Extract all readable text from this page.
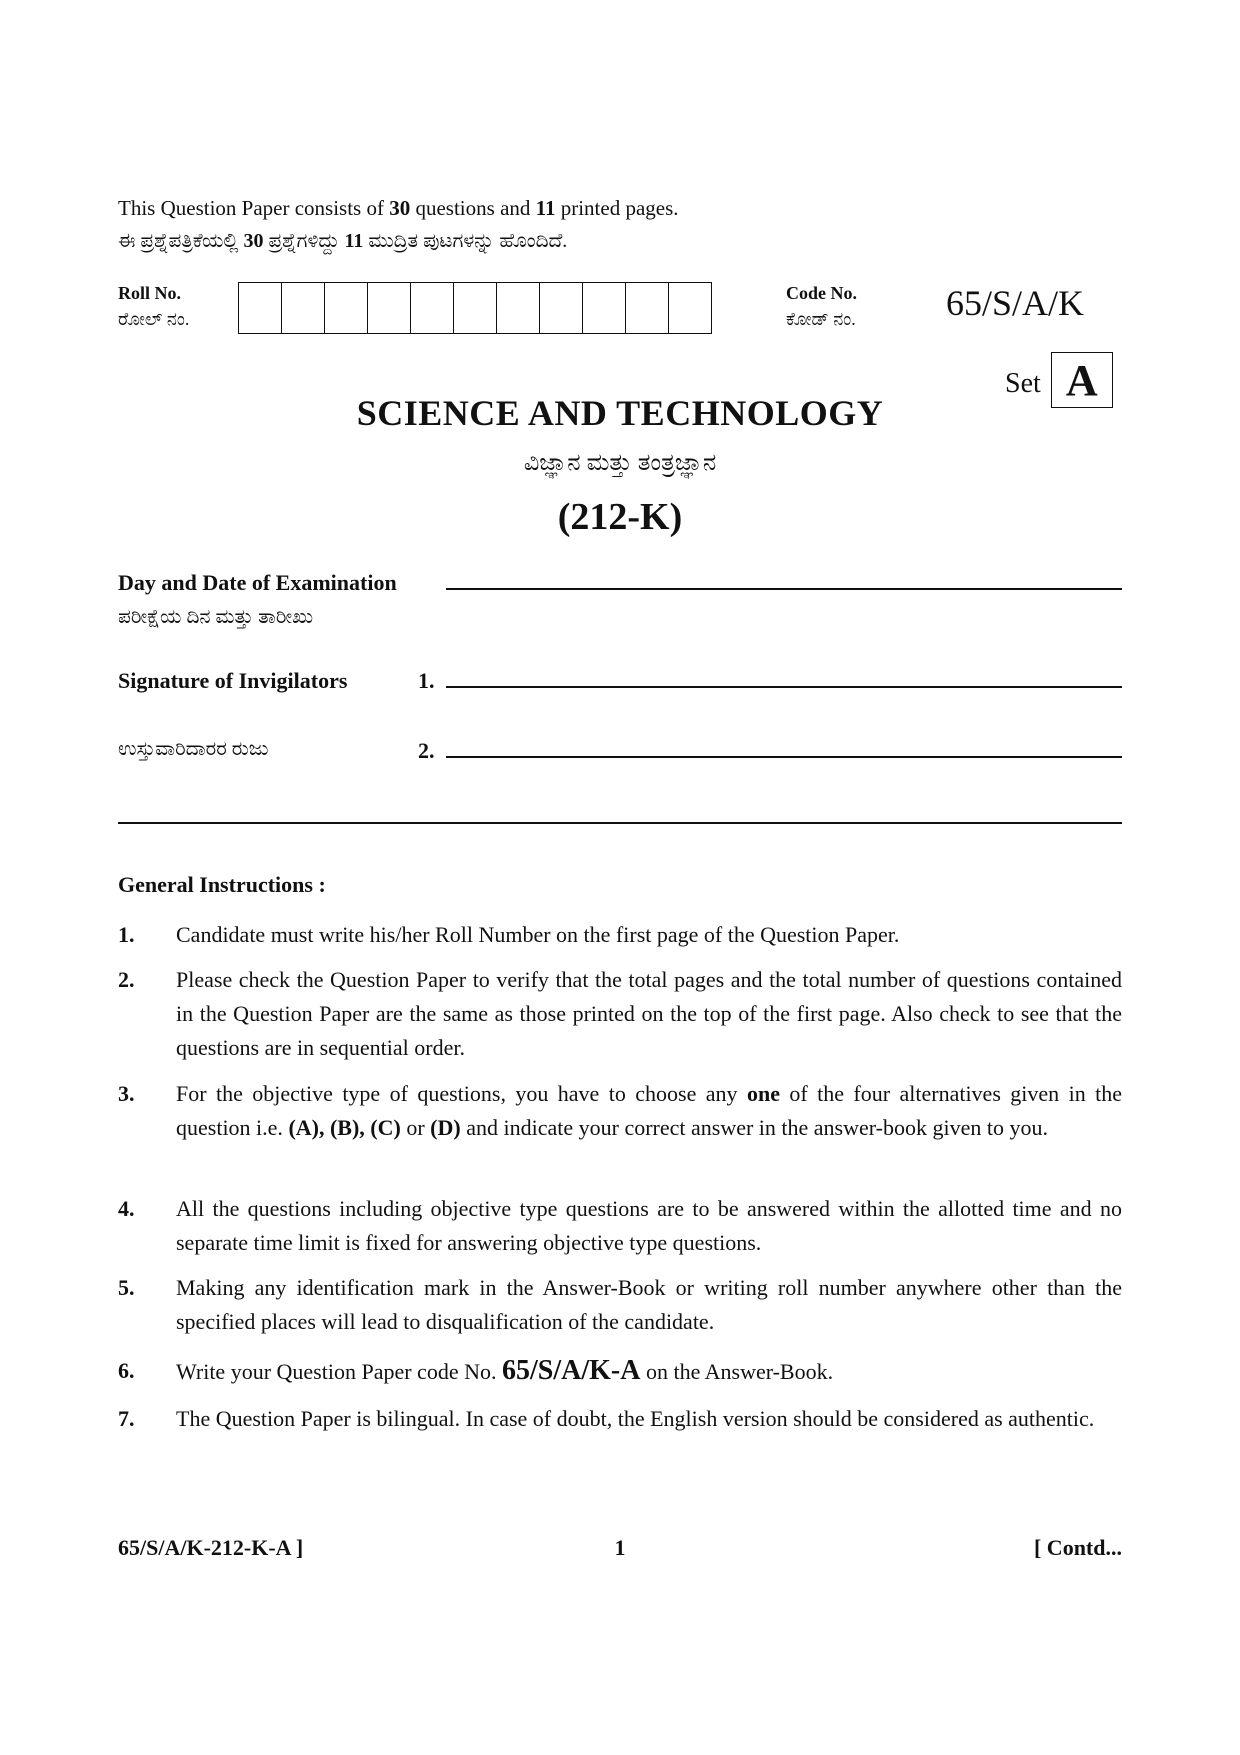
This Question Paper consists of 30 questions and 11 printed pages.
ಈ ಪ್ರಶ್ನೆಪತ್ರಿಕೆಯಲ್ಲಿ 30 ಪ್ರಶ್ನೆಗಳಿದ್ದು 11 ಮುದ್ರಿತ ಪುಟಗಳನ್ನು ಹೊಂದಿದೆ.
Roll No.
ರೋಲ್ ನಂ.
Code No.
ಕೋಡ್ ನಂ.	65/S/A/K
Set A
SCIENCE AND TECHNOLOGY
ವಿಜ್ಞಾನ ಮತ್ತು ತಂತ್ರಜ್ಞಾನ
(212-K)
Day and Date of Examination
ಪರೀಕ್ಷೆಯ ದಿನ ಮತ್ತು ತಾರೀಖು
Signature of Invigilators	1.
ಉಸ್ತುವಾರಿದಾರರ ರುಜು	2.
General Instructions :
1.	Candidate must write his/her Roll Number on the first page of the Question Paper.
2.	Please check the Question Paper to verify that the total pages and the total number of questions contained in the Question Paper are the same as those printed on the top of the first page. Also check to see that the questions are in sequential order.
3.	For the objective type of questions, you have to choose any one of the four alternatives given in the question i.e. (A), (B), (C) or (D) and indicate your correct answer in the answer-book given to you.
4.	All the questions including objective type questions are to be answered within the allotted time and no separate time limit is fixed for answering objective type questions.
5.	Making any identification mark in the Answer-Book or writing roll number anywhere other than the specified places will lead to disqualification of the candidate.
6.	Write your Question Paper code No. 65/S/A/K-A on the Answer-Book.
7.	The Question Paper is bilingual. In case of doubt, the English version should be considered as authentic.
65/S/A/K-212-K-A ]	1	[ Contd...
